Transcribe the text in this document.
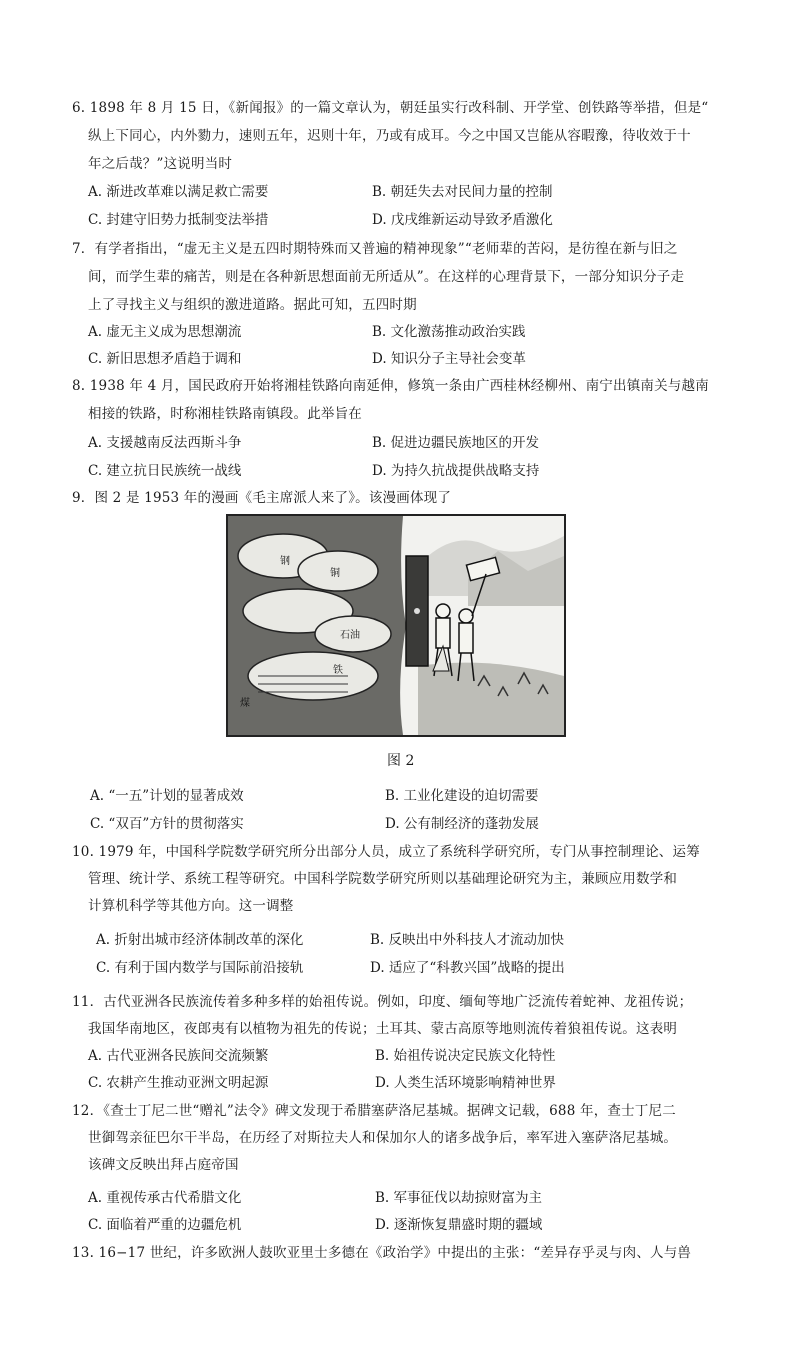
6. 1898 年 8 月 15 日，《新闻报》的一篇文章认为，朝廷虽实行改科制、开学堂、创铁路等举措，但是“
纵上下同心，内外勠力，速则五年，迟则十年，乃或有成耳。今之中国又岂能从容暇豫，待收效于十
年之后哉？”这说明当时
A. 渐进改革难以满足救亡需要	B. 朝廷失去对民间力量的控制
C. 封建守旧势力抵制变法举措	D. 戊戌维新运动导致矛盾激化
7．有学者指出，“虚无主义是五四时期特殊而又普遍的精神现象”“老师辈的苦闷，是彷徨在新与旧之
间，而学生辈的痛苦，则是在各种新思想面前无所适从”。在这样的心理背景下，一部分知识分子走
上了寻找主义与组织的激进道路。据此可知，五四时期
A. 虚无主义成为思想潮流	B. 文化激荡推动政治实践
C. 新旧思想矛盾趋于调和	D. 知识分子主导社会变革
8. 1938 年 4 月，国民政府开始将湘桂铁路向南延伸，修筑一条由广西桂林经柳州、南宁出镇南关与越南
相接的铁路，时称湘桂铁路南镇段。此举旨在
A. 支援越南反法西斯斗争	B. 促进边疆民族地区的开发
C. 建立抗日民族统一战线	D. 为持久抗战提供战略支持
9．图 2 是 1953 年的漫画《毛主席派人来了》。该漫画体现了
钢
铜
石油
铁
煤
图 2
A. “一五”计划的显著成效	B. 工业化建设的迫切需要
C. “双百”方针的贯彻落实	D. 公有制经济的蓬勃发展
10. 1979 年，中国科学院数学研究所分出部分人员，成立了系统科学研究所，专门从事控制理论、运筹
管理、统计学、系统工程等研究。中国科学院数学研究所则以基础理论研究为主，兼顾应用数学和
计算机科学等其他方向。这一调整
A. 折射出城市经济体制改革的深化	B. 反映出中外科技人才流动加快
C. 有利于国内数学与国际前沿接轨	D. 适应了“科教兴国”战略的提出
11．古代亚洲各民族流传着多种多样的始祖传说。例如，印度、缅甸等地广泛流传着蛇神、龙祖传说；
我国华南地区，夜郎夷有以植物为祖先的传说；土耳其、蒙古高原等地则流传着狼祖传说。这表明
A. 古代亚洲各民族间交流频繁	B. 始祖传说决定民族文化特性
C. 农耕产生推动亚洲文明起源	D. 人类生活环境影响精神世界
12．《查士丁尼二世“赠礼”法令》碑文发现于希腊塞萨洛尼基城。据碑文记载，688 年，查士丁尼二
世御驾亲征巴尔干半岛，在历经了对斯拉夫人和保加尔人的诸多战争后，率军进入塞萨洛尼基城。
该碑文反映出拜占庭帝国
A. 重视传承古代希腊文化	B. 军事征伐以劫掠财富为主
C. 面临着严重的边疆危机	D. 逐渐恢复鼎盛时期的疆域
13. 16−17 世纪，许多欧洲人鼓吹亚里士多德在《政治学》中提出的主张：“差异存乎灵与肉、人与兽
